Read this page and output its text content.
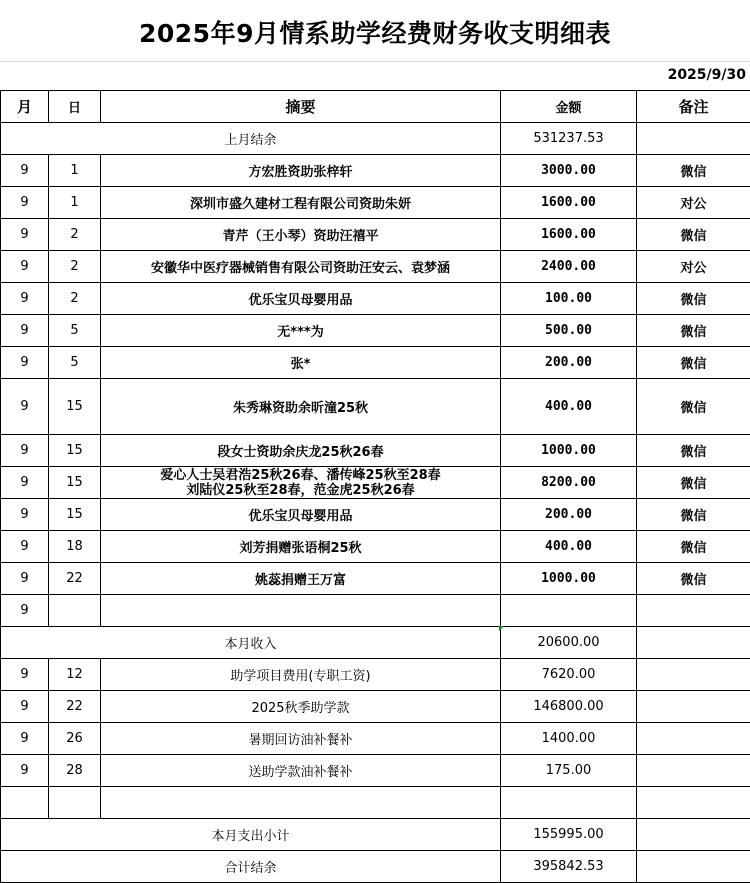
2025年9月情系助学经费财务收支明细表
2025/9/30
月	日	摘要	金额	备注
上月结余			531237.53	
9	1	方宏胜资助张梓轩	3000.00	微信
9	1	深圳市盛久建材工程有限公司资助朱妍	1600.00	对公
9	2	青芹（王小琴）资助汪禧平	1600.00	微信
9	2	安徽华中医疗器械销售有限公司资助汪安云、袁梦涵	2400.00	对公
9	2	优乐宝贝母婴用品	100.00	微信
9	5	无***为	500.00	微信
9	5	张*	200.00	微信
9	15	朱秀琳资助余昕潼25秋	400.00	微信
9	15	段女士资助余庆龙25秋26春	1000.00	微信
9	15	爱心人士吴君浩25秋26春、潘传峰25秋至28春
刘陆仪25秋至28春，范金虎25秋26春	8200.00	微信
9	15	优乐宝贝母婴用品	200.00	微信
9	18	刘芳捐赠张语桐25秋	400.00	微信
9	22	姚蕊捐赠王万富	1000.00	微信
9				
本月收入			20600.00	
9	12	助学项目费用(专职工资)	7620.00	
9	22	2025秋季助学款	146800.00	
9	26	暑期回访油补餐补	1400.00	
9	28	送助学款油补餐补	175.00	

本月支出小计			155995.00	
合计结余			395842.53	
